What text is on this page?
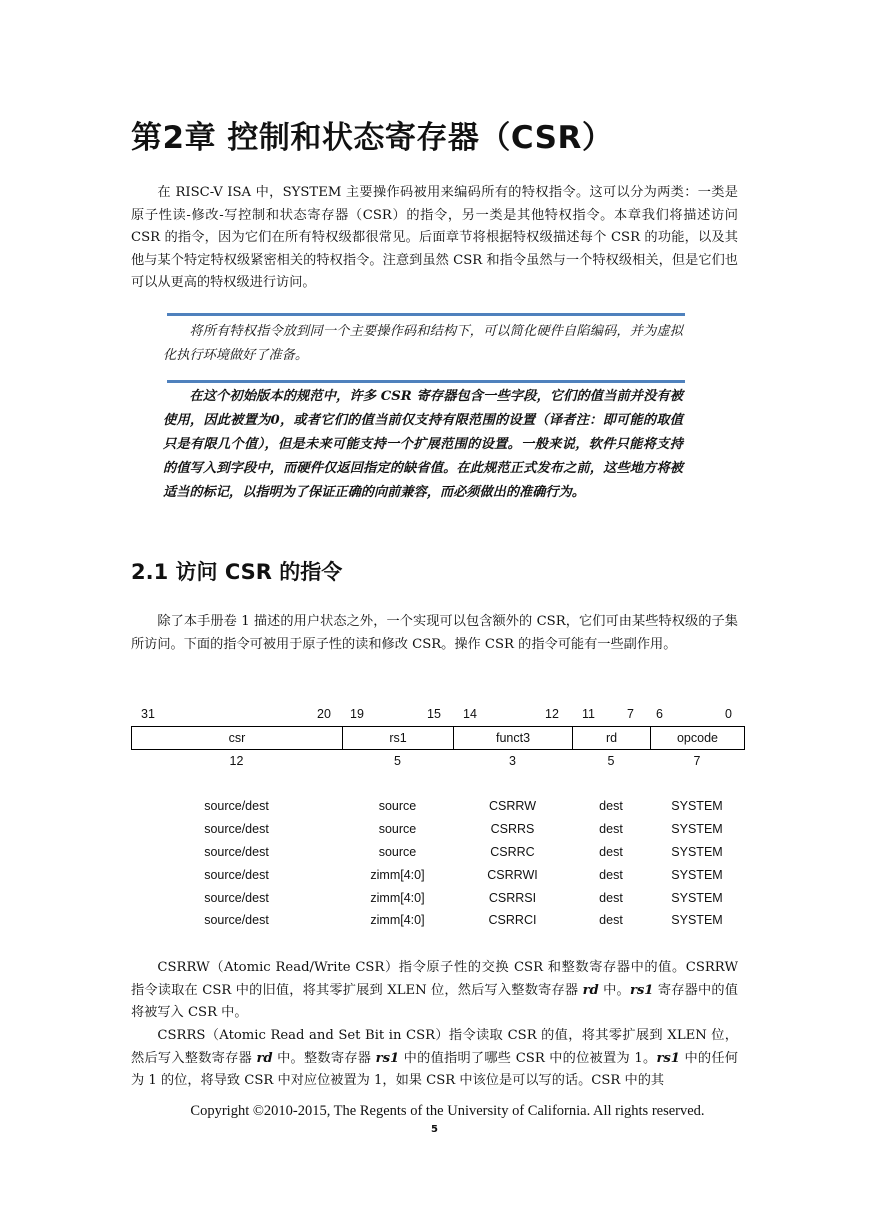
第2章 控制和状态寄存器（CSR）

在 RISC-V ISA 中，SYSTEM 主要操作码被用来编码所有的特权指令。这可以分为两类：一类是原子性读-修改-写控制和状态寄存器（CSR）的指令，另一类是其他特权指令。本章我们将描述访问 CSR 的指令，因为它们在所有特权级都很常见。后面章节将根据特权级描述每个 CSR 的功能，以及其他与某个特定特权级紧密相关的特权指令。注意到虽然 CSR 和指令虽然与一个特权级相关，但是它们也可以从更高的特权级进行访问。

将所有特权指令放到同一个主要操作码和结构下，可以简化硬件自陷编码，并为虚拟化执行环境做好了准备。

在这个初始版本的规范中，许多 CSR 寄存器包含一些字段，它们的值当前并没有被使用，因此被置为0，或者它们的值当前仅支持有限范围的设置（译者注：即可能的取值只是有限几个值），但是未来可能支持一个扩展范围的设置。一般来说，软件只能将支持的值写入到字段中，而硬件仅返回指定的缺省值。在此规范正式发布之前，这些地方将被适当的标记，以指明为了保证正确的向前兼容，而必须做出的准确行为。

2.1 访问 CSR 的指令

除了本手册卷 1 描述的用户状态之外，一个实现可以包含额外的 CSR，它们可由某些特权级的子集所访问。下面的指令可被用于原子性的读和修改 CSR。操作 CSR 的指令可能有一些副作用。

31	20 19	15 14	12 11	7 6	0
csr	rs1	funct3	rd	opcode
12	5	3	5	7
source/dest	source	CSRRW	dest	SYSTEM
source/dest	source	CSRRS	dest	SYSTEM
source/dest	source	CSRRC	dest	SYSTEM
source/dest	zimm[4:0]	CSRRWI	dest	SYSTEM
source/dest	zimm[4:0]	CSRRSI	dest	SYSTEM
source/dest	zimm[4:0]	CSRRCI	dest	SYSTEM

CSRRW（Atomic Read/Write CSR）指令原子性的交换 CSR 和整数寄存器中的值。CSRRW 指令读取在 CSR 中的旧值，将其零扩展到 XLEN 位，然后写入整数寄存器 rd 中。rs1 寄存器中的值将被写入 CSR 中。

CSRRS（Atomic Read and Set Bit in CSR）指令读取 CSR 的值，将其零扩展到 XLEN 位，然后写入整数寄存器 rd 中。整数寄存器 rs1 中的值指明了哪些 CSR 中的位被置为 1。rs1 中的任何为 1 的位，将导致 CSR 中对应位被置为 1，如果 CSR 中该位是可以写的话。CSR 中的其

Copyright ©2010-2015, The Regents of the University of California. All rights reserved.

5
